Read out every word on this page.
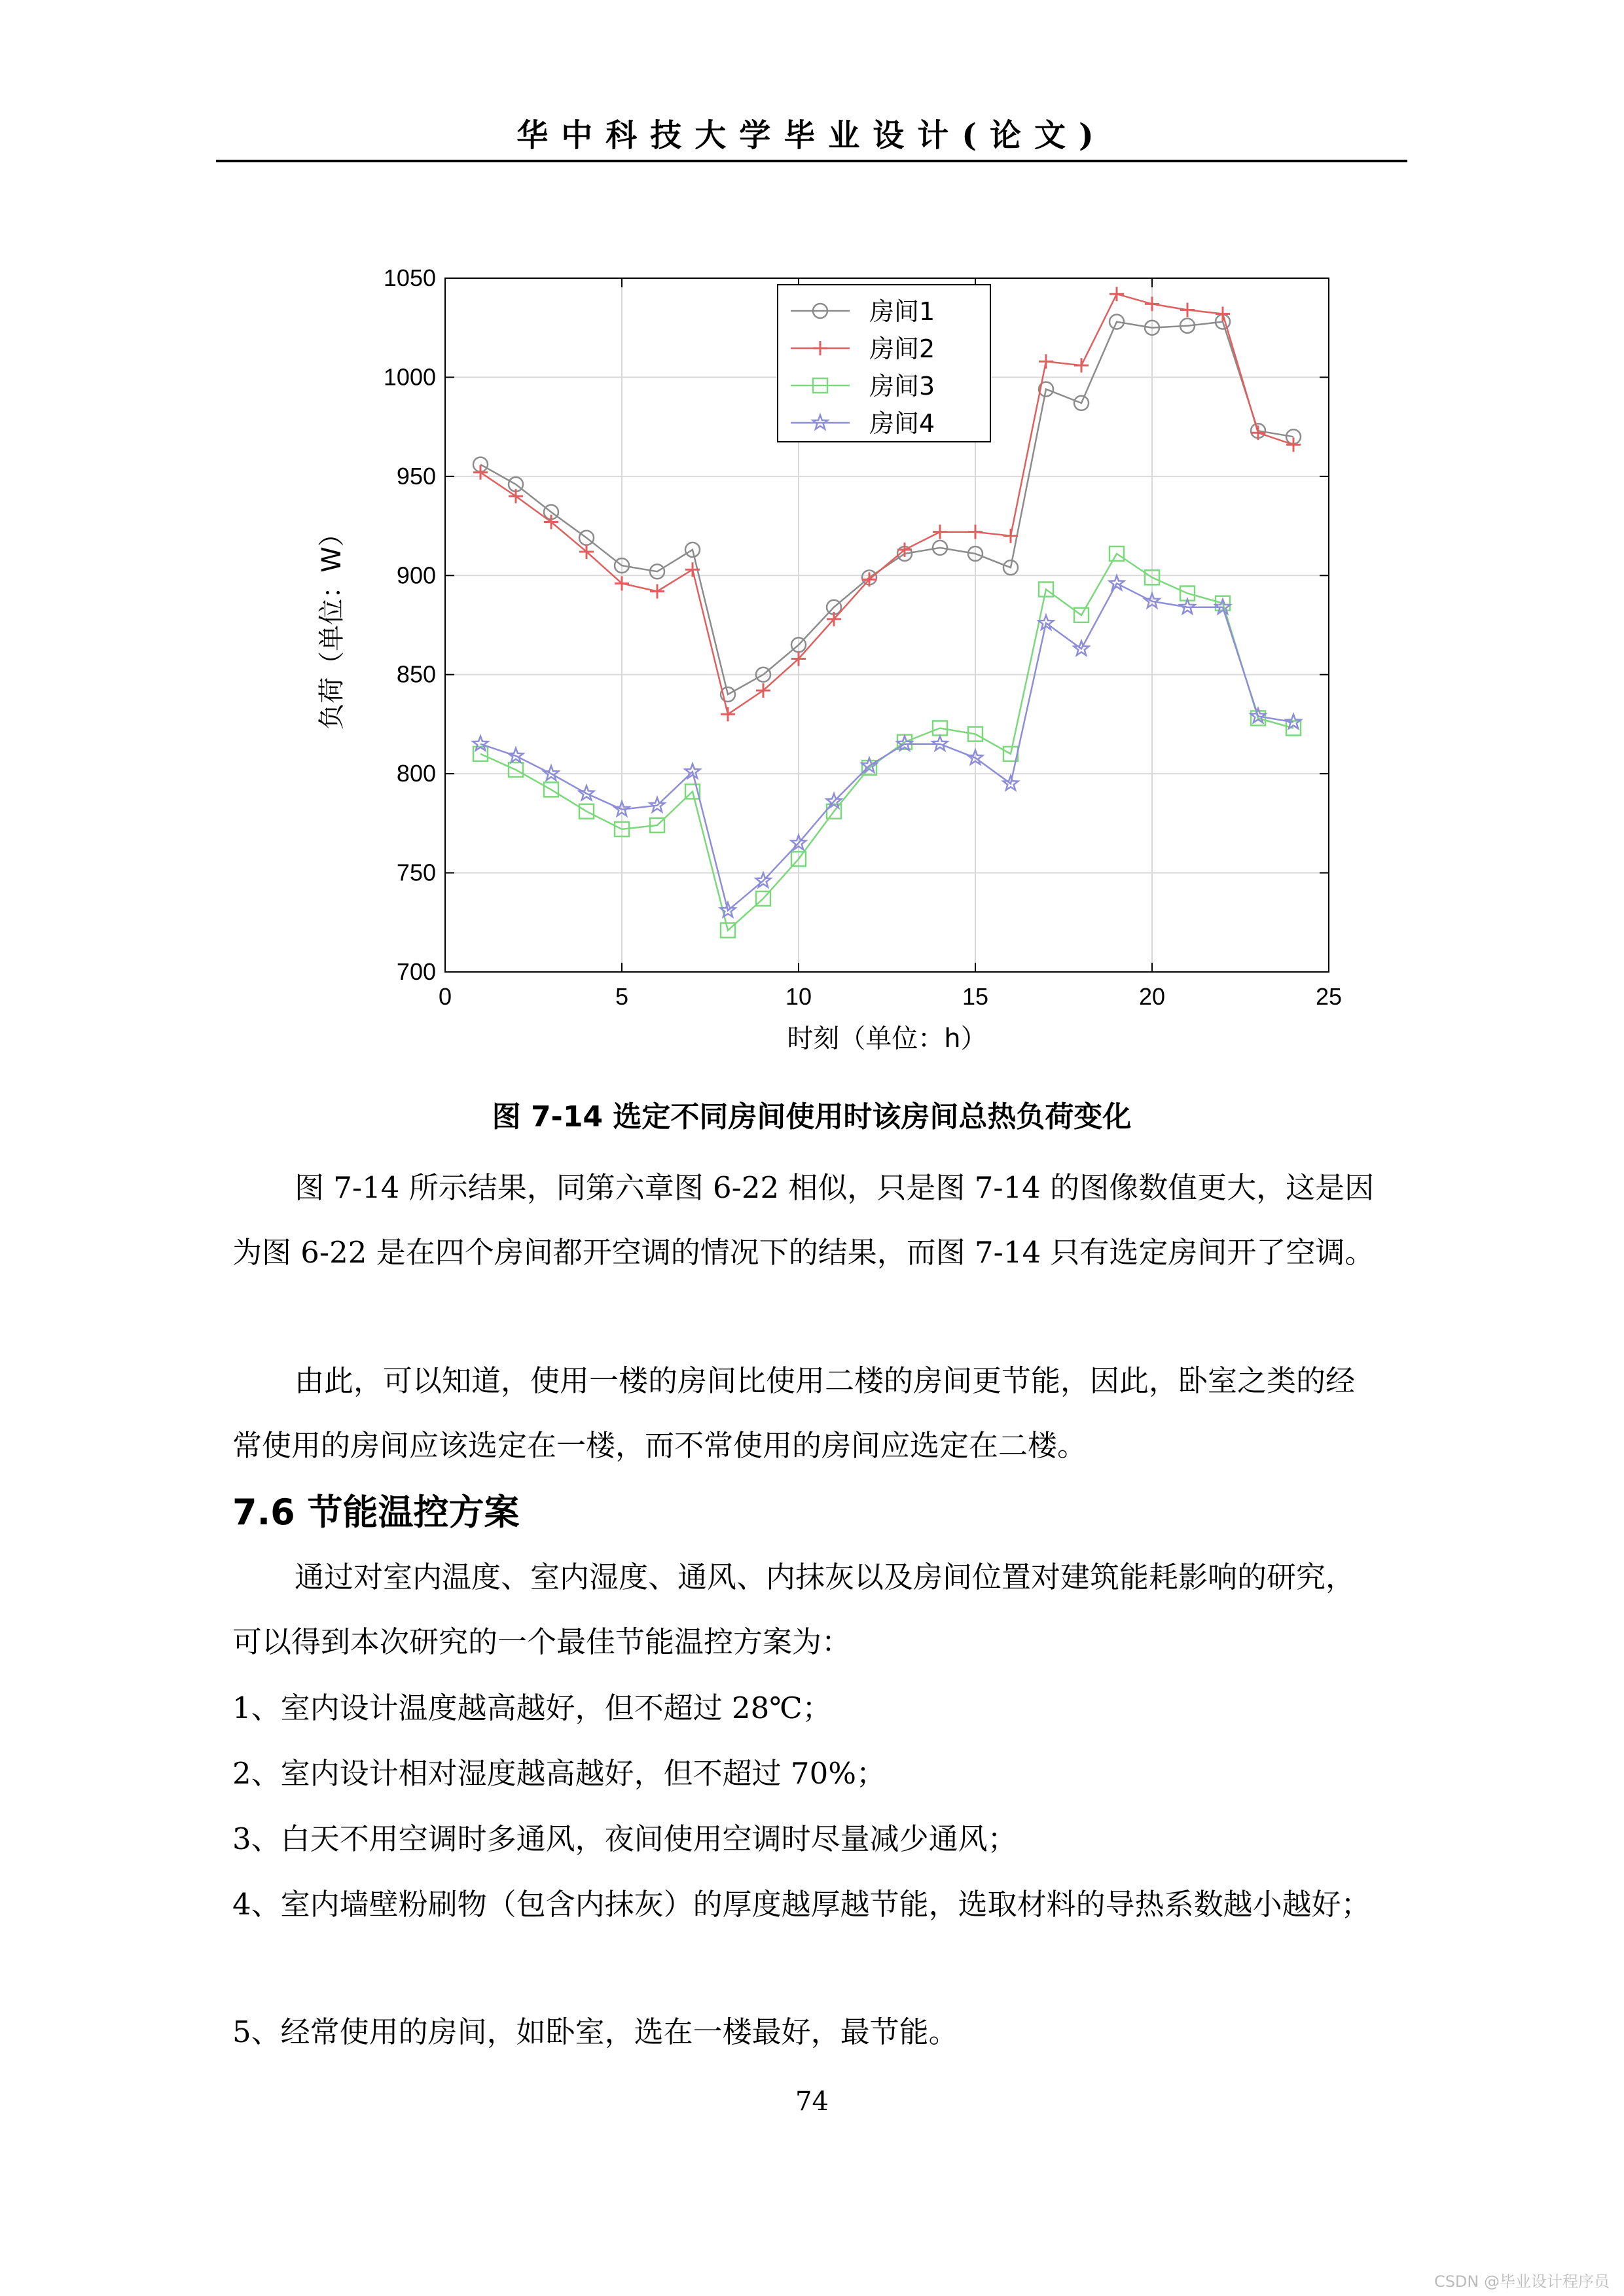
华中科技大学毕业设计(论文)
0	5	10	15	20	25
700
750
800
850
900
950
1000
1050
时刻（单位：h）
负荷（单位：W）
房间1
房间2
房间3
房间4
图 7-14 选定不同房间使用时该房间总热负荷变化
图 7-14 所示结果，同第六章图 6-22 相似，只是图 7-14 的图像数值更大，这是因为图 6-22 是在四个房间都开空调的情况下的结果，而图 7-14 只有选定房间开了空调。
由此，可以知道，使用一楼的房间比使用二楼的房间更节能，因此，卧室之类的经常使用的房间应该选定在一楼，而不常使用的房间应选定在二楼。
7.6 节能温控方案
通过对室内温度、室内湿度、通风、内抹灰以及房间位置对建筑能耗影响的研究，可以得到本次研究的一个最佳节能温控方案为：
1、室内设计温度越高越好，但不超过 28℃；
2、室内设计相对湿度越高越好，但不超过 70%；
3、白天不用空调时多通风，夜间使用空调时尽量减少通风；
4、室内墙壁粉刷物（包含内抹灰）的厚度越厚越节能，选取材料的导热系数越小越好；
5、经常使用的房间，如卧室，选在一楼最好，最节能。
74
CSDN @毕业设计程序员
